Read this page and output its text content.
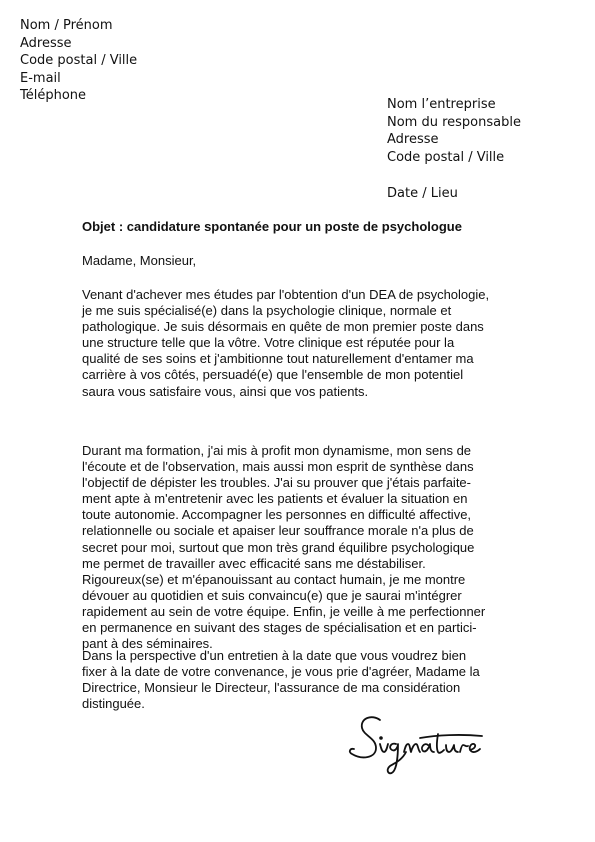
Nom / Prénom
Adresse
Code postal / Ville
E-mail
Téléphone
Nom l’entreprise
Nom du responsable
Adresse
Code postal / Ville
Date / Lieu
Objet : candidature spontanée pour un poste de psychologue
Madame, Monsieur,
Venant d'achever mes études par l'obtention d'un DEA de psychologie,
je me suis spécialisé(e) dans la psychologie clinique, normale et
pathologique. Je suis désormais en quête de mon premier poste dans
une structure telle que la vôtre. Votre clinique est réputée pour la
qualité de ses soins et j'ambitionne tout naturellement d'entamer ma
carrière à vos côtés, persuadé(e) que l'ensemble de mon potentiel
saura vous satisfaire vous, ainsi que vos patients.
Durant ma formation, j'ai mis à profit mon dynamisme, mon sens de
l'écoute et de l'observation, mais aussi mon esprit de synthèse dans
l'objectif de dépister les troubles. J'ai su prouver que j'étais parfaite-
ment apte à m'entretenir avec les patients et évaluer la situation en
toute autonomie. Accompagner les personnes en difficulté affective,
relationnelle ou sociale et apaiser leur souffrance morale n'a plus de
secret pour moi, surtout que mon très grand équilibre psychologique
me permet de travailler avec efficacité sans me déstabiliser.
Rigoureux(se) et m'épanouissant au contact humain, je me montre
dévouer au quotidien et suis convaincu(e) que je saurai m'intégrer
rapidement au sein de votre équipe. Enfin, je veille à me perfectionner
en permanence en suivant des stages de spécialisation et en partici-
pant à des séminaires.
Dans la perspective d'un entretien à la date que vous voudrez bien
fixer à la date de votre convenance, je vous prie d'agréer, Madame la
Directrice, Monsieur le Directeur, l'assurance de ma considération
distinguée.
